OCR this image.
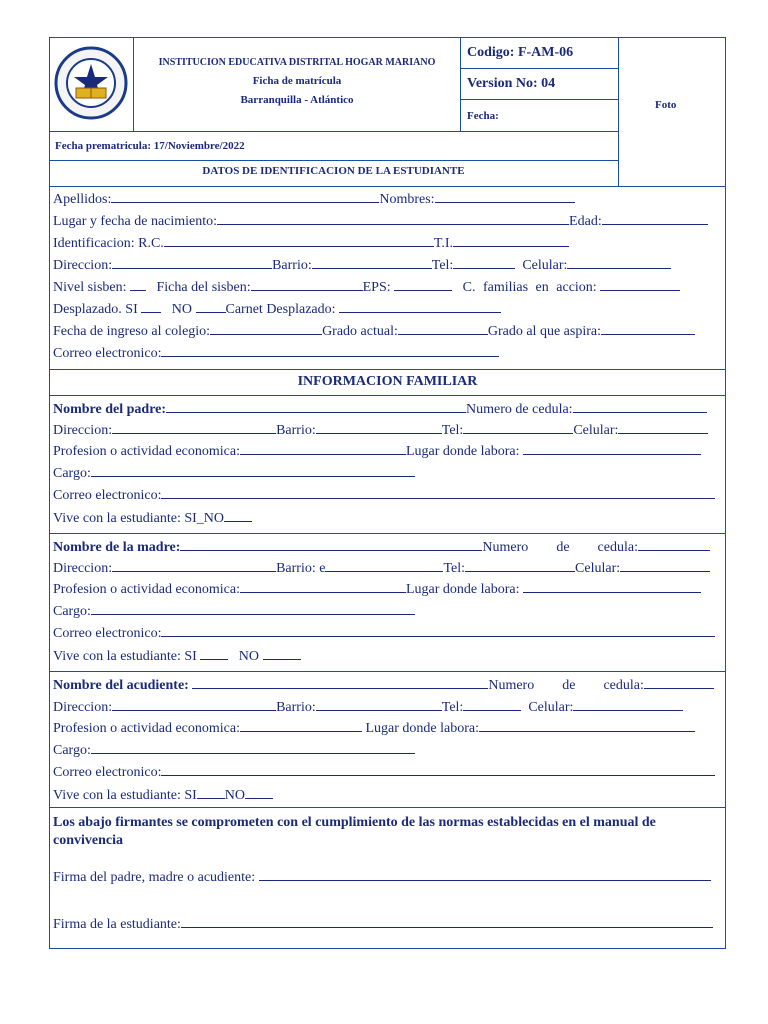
INSTITUCION EDUCATIVA DISTRITAL HOGAR MARIANO
Ficha de matrícula
Barranquilla - Atlántico
Codigo: F-AM-06
Version No: 04
Fecha:
Foto
Fecha prematricula: 17/Noviembre/2022
DATOS DE IDENTIFICACION DE LA ESTUDIANTE
Apellidos:	Nombres:
Lugar y fecha de nacimiento:	Edad:
Identificacion: R.C.	T.I.
Direccion:	Barrio:	Tel:	Celular:
Nivel sisben: Ficha del sisben:	EPS:	C. familias en accion:
Desplazado. SI NO Carnet Desplazado:
Fecha de ingreso al colegio:	Grado actual:	Grado al que aspira:
Correo electronico:
INFORMACION FAMILIAR
Nombre del padre:	Numero de cedula:
Direccion:	Barrio:	Tel:	Celular:
Profesion o actividad economica:	Lugar donde labora:
Cargo:
Correo electronico:
Vive con la estudiante: SI_NO
Nombre de la madre:	Numero de cedula:
Direccion:	Barrio: e	Tel:	Celular:
Profesion o actividad economica:	Lugar donde labora:
Cargo:
Correo electronico:
Vive con la estudiante: SI	NO
Nombre del acudiente:	Numero de cedula:
Direccion:	Barrio:	Tel:	Celular:
Profesion o actividad economica:	Lugar donde labora:
Cargo:
Correo electronico:
Vive con la estudiante: SI NO
Los abajo firmantes se comprometen con el cumplimiento de las normas establecidas en el manual de convivencia
Firma del padre, madre o acudiente:
Firma de la estudiante:
